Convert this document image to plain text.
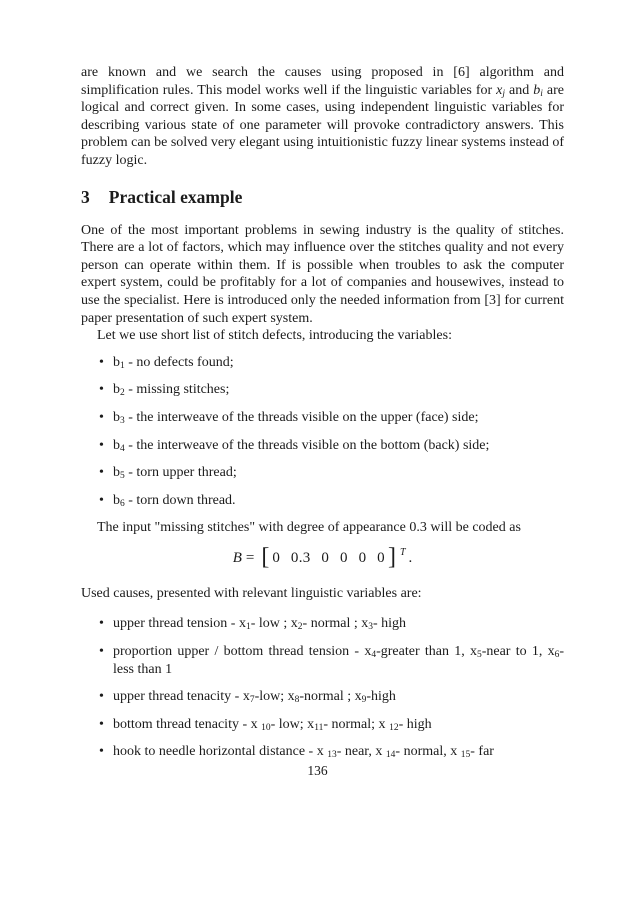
are known and we search the causes using proposed in [6] algorithm and simplification rules. This model works well if the linguistic variables for $x_j$ and $b_i$ are logical and correct given. In some cases, using independent linguistic variables for describing various state of one parameter will provoke contradictory answers. This problem can be solved very elegant using intuitionistic fuzzy linear systems instead of fuzzy logic.

3 Practical example

One of the most important problems in sewing industry is the quality of stitches. There are a lot of factors, which may influence over the stitches quality and not every person can operate within them. If is possible when troubles to ask the computer expert system, could be profitably for a lot of companies and housewives, instead to use the specialist. Here is introduced only the needed information from [3] for current paper presentation of such expert system.

Let we use short list of stitch defects, introducing the variables:

• $b_1$ - no defects found;
• $b_2$ - missing stitches;
• $b_3$ - the interweave of the threads visible on the upper (face) side;
• $b_4$ - the interweave of the threads visible on the bottom (back) side;
• $b_5$ - torn upper thread;
• $b_6$ - torn down thread.

The input "missing stitches" with degree of appearance 0.3 will be coded as

B = [ 0 0.3 0 0 0 0 ] $^T$ .

Used causes, presented with relevant linguistic variables are:

• upper thread tension - $x_1-$ low ; $x_2-$ normal ; $x_3-$ high
• proportion upper / bottom thread tension - $x_4$-greater than 1, $x_5$-near to 1, $x_6-$ less than 1
• upper thread tenacity - $x_7$-low; $x_8$-normal ; $x_9$-high
• bottom thread tenacity - x $_{10}$- low; $x_{11}-$ normal; x $_{12}$- high
• hook to needle horizontal distance - x $_{13}$- near, x $_{14}$- normal, x $_{15}$- far
136
